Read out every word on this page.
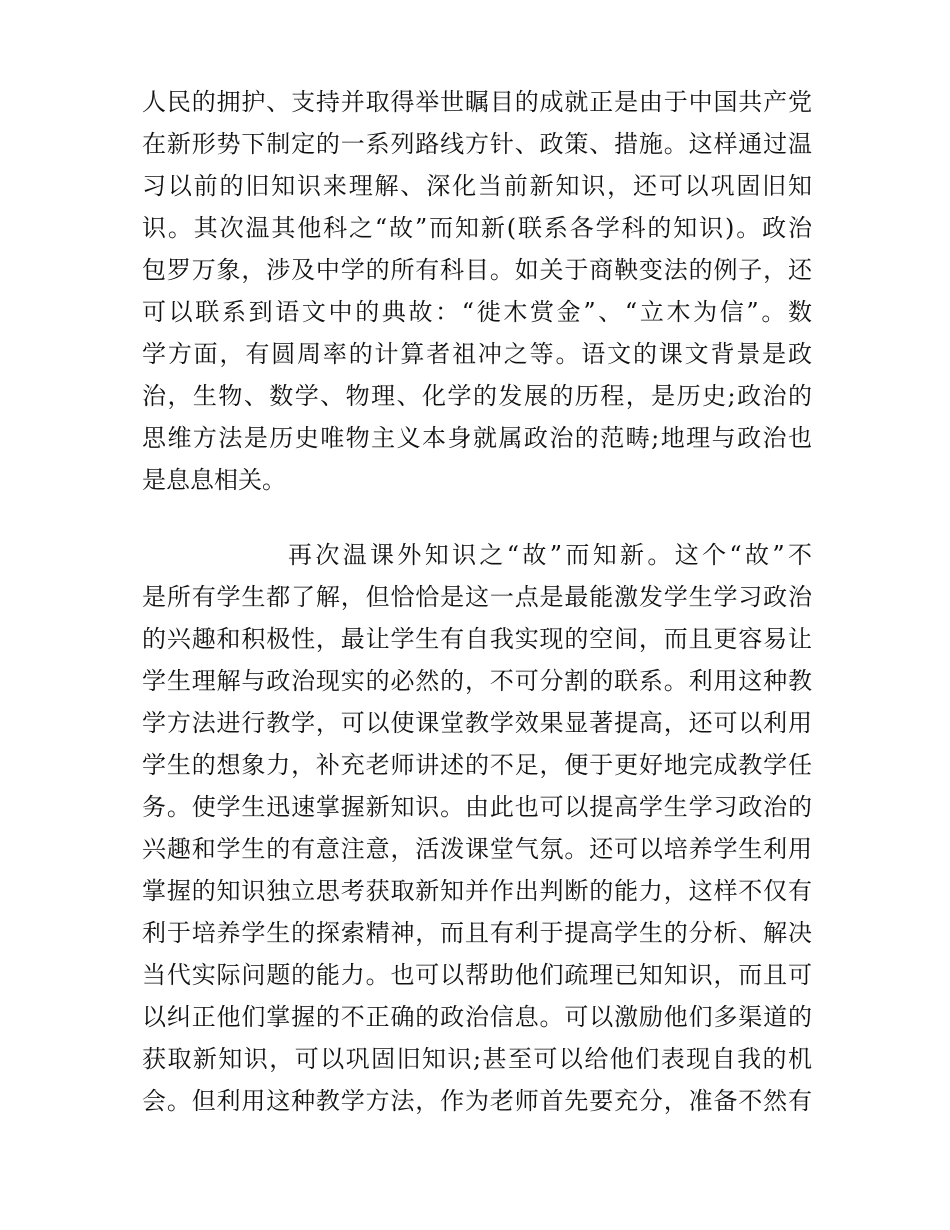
人民的拥护、支持并取得举世瞩目的成就正是由于中国共产党
在新形势下制定的一系列路线方针、政策、措施。这样通过温
习以前的旧知识来理解、深化当前新知识，还可以巩固旧知
识。其次温其他科之“故”而知新(联系各学科的知识)。政治
包罗万象，涉及中学的所有科目。如关于商鞅变法的例子，还
可以联系到语文中的典故：“徙木赏金”、“立木为信”。数
学方面，有圆周率的计算者祖冲之等。语文的课文背景是政
治，生物、数学、物理、化学的发展的历程，是历史;政治的
思维方法是历史唯物主义本身就属政治的范畴;地理与政治也
是息息相关。
再次温课外知识之“故”而知新。这个“故”不
是所有学生都了解，但恰恰是这一点是最能激发学生学习政治
的兴趣和积极性，最让学生有自我实现的空间，而且更容易让
学生理解与政治现实的必然的，不可分割的联系。利用这种教
学方法进行教学，可以使课堂教学效果显著提高，还可以利用
学生的想象力，补充老师讲述的不足，便于更好地完成教学任
务。使学生迅速掌握新知识。由此也可以提高学生学习政治的
兴趣和学生的有意注意，活泼课堂气氛。还可以培养学生利用
掌握的知识独立思考获取新知并作出判断的能力，这样不仅有
利于培养学生的探索精神，而且有利于提高学生的分析、解决
当代实际问题的能力。也可以帮助他们疏理已知知识，而且可
以纠正他们掌握的不正确的政治信息。可以激励他们多渠道的
获取新知识，可以巩固旧知识;甚至可以给他们表现自我的机
会。但利用这种教学方法，作为老师首先要充分，准备不然有
